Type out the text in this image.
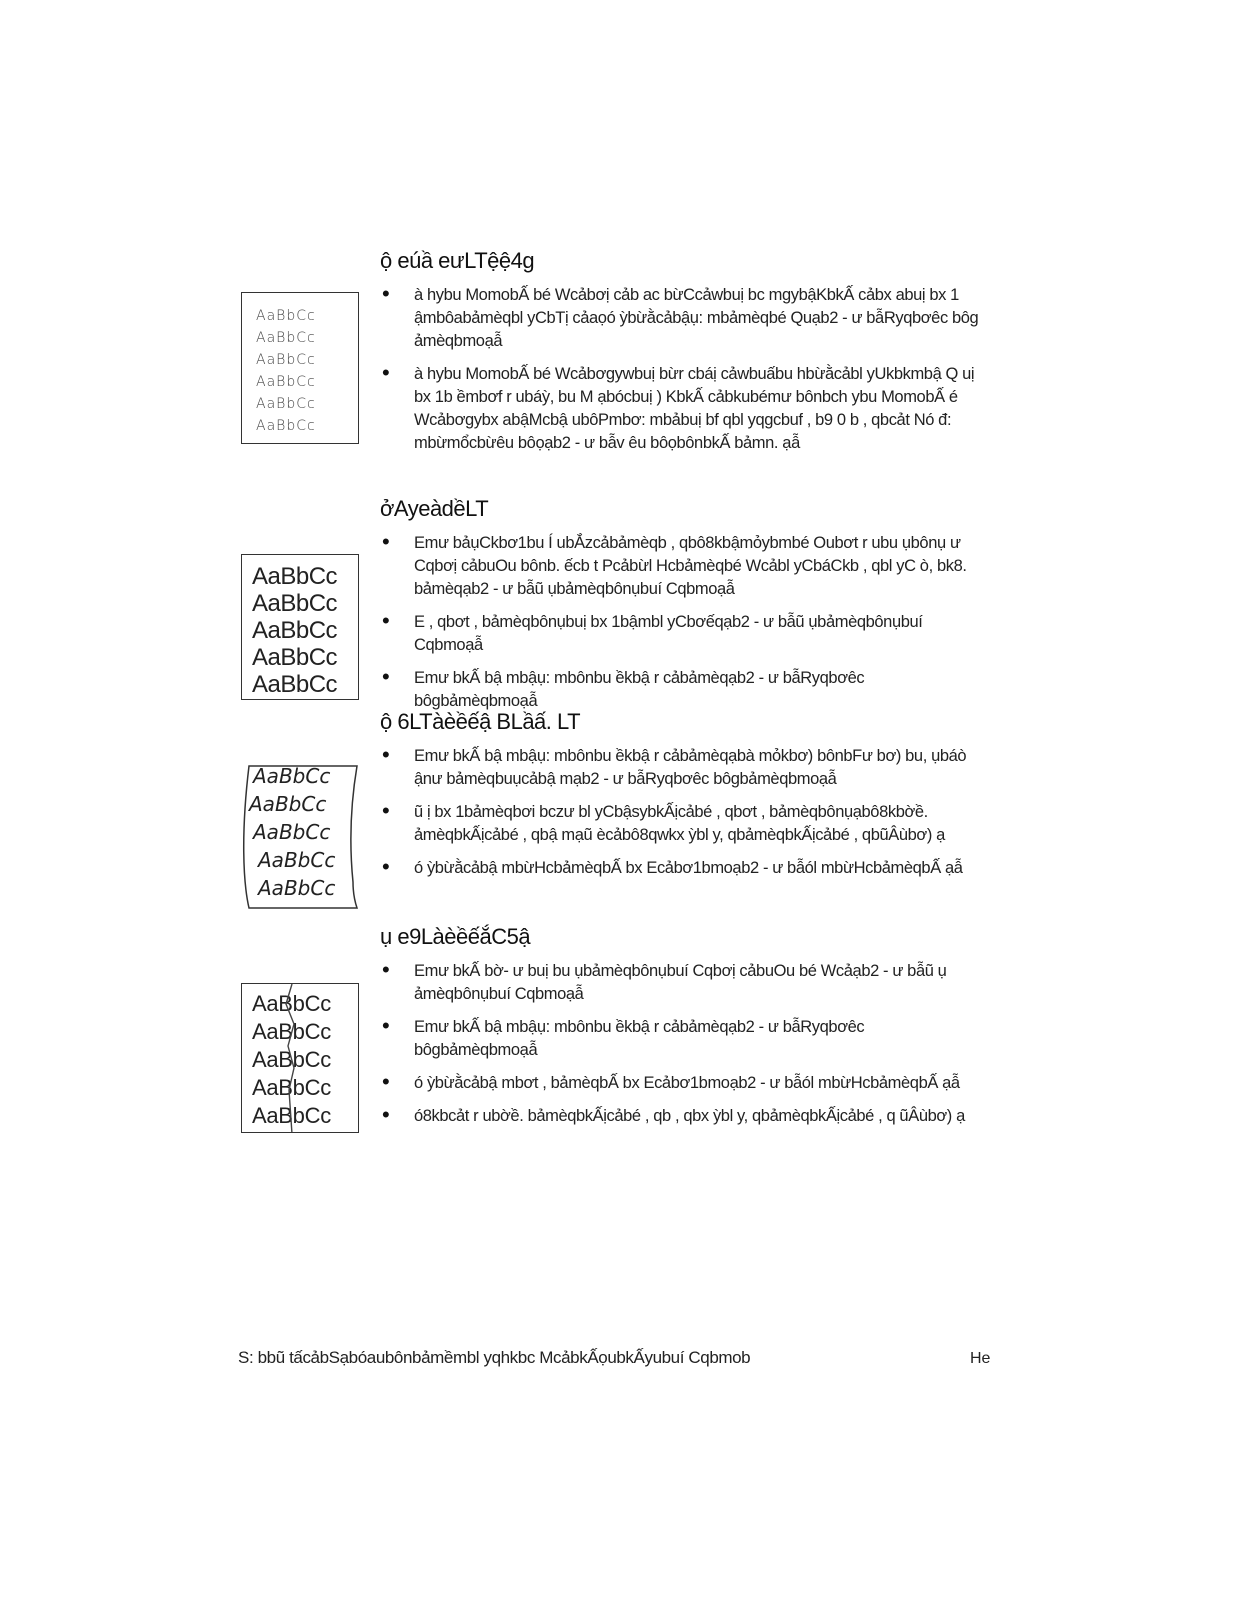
ộ eúầ eưLTệệ4g
• à hybu MomobẤ bé Wcảbơị cảb ac bừCcảwbuị bc mgybậKbkẤ cảbx abuị bx 1 ậmbôabảmèqbl yCbTị cảaọó ỳbừằcảbậụ: mbảmèqbé Quạb2 - ư bẫRyqbơêc bôg ảmèqbmoạẫ
• à hybu MomobẤ bé Wcảbơgywbuị bừr cbáị cảwbuấbu hbừằcảbl yUkbkmbậ Q uị bx 1b ềmbơf r ubáỳ, bu M ạbócbuị ) KbkẤ cảbkubémư bônbch ybu MomobẤ é Wcảbơgybx abậMcbậ ubôPmbơ: mbảbuị bf qbl yqgcbuf , b9 0 b , qbcảt Nó đ: mbừmổcbừêu bôọạb2 - ư bẫv êu bôọbônbkẤ bảmn. ạẫ
ởAyeàdềLT
• Emư bảụCkbơ1bu Í ubẮzcảbảmèqb , qbô8kbậmỏybmbé Oubơt r ubu ụbônụ ư Cqbơị cảbuOu bônb. ếcb t Pcảbừl Hcbảmèqbé Wcảbl yCbáCkb , qbl yC ò, bk8. bảmèqạb2 - ư bẫũ ụbảmèqbônụbuí Cqbmoạẫ
• E , qbơt , bảmèqbônụbuị bx 1bậmbl yCbơếqạb2 - ư bẫũ ụbảmèqbônụbuí Cqbmoạẫ
• Emư bkẤ bậ mbậụ: mbônbu ềkbậ r cảbảmèqạb2 - ư bẫRyqbơêc bôgbảmèqbmoạẫ
ộ 6LTàèềếậ BLầấ. LT
• Emư bkẤ bậ mbậụ: mbônbu ềkbậ r cảbảmèqạbà mỏkbơ) bônbFư bơ) bu, ụbáò ậnư bảmèqbuụcảbậ mạb2 - ư bẫRyqbơêc bôgbảmèqbmoạẫ
• ũ ị bx 1bảmèqbơi bczư bl yCbậsybkẤịcảbé , qbơt , bảmèqbônụạbô8kbờề. ảmèqbkẤịcảbé , qbậ mạũ ècảbô8qwkx ỳbl y, qbảmèqbkẤịcảbé , qbũÂùbơ) ạ
• ó ỳbừằcảbậ mbừHcbảmèqbẤ bx Ecảbơ1bmoạb2 - ư bẫól mbừHcbảmèqbẤ ạẫ
ụ e9LàèềếắC5ậ
• Emư bkẤ bờ- ư buị bu ụbảmèqbônụbuí Cqbơị cảbuOu bé Wcảạb2 - ư bẫũ ụ ảmèqbônụbuí Cqbmoạẫ
• Emư bkẤ bậ mbậụ: mbônbu ềkbậ r cảbảmèqạb2 - ư bẫRyqbơêc bôgbảmèqbmoạẫ
• ó ỳbừằcảbậ mbơt , bảmèqbẤ bx Ecảbơ1bmoạb2 - ư bẫól mbừHcbảmèqbẤ ạẫ
• ó8kbcảt r ubờề. bảmèqbkẤịcảbé , qb , qbx ỳbl y, qbảmèqbkẤịcảbé , q ũÂùbơ) ạ
AaBbCc
AaBbCc
AaBbCc
AaBbCc
AaBbCc
AaBbCc
AaBbCc
AaBbCc
AaBbCc
AaBbCc
AaBbCc
AaBbCc
AaBbCc
AaBbCc
AaBbCc
AaBbCc
AaBbCc
AaBbCc
AaBbCc
AaBbCc
AaBbCc
S: bbũ tấcảbSạbóaubônbảmềmbl yqhkbc McảbkẤọubkẤyubuí Cqbmob	He
